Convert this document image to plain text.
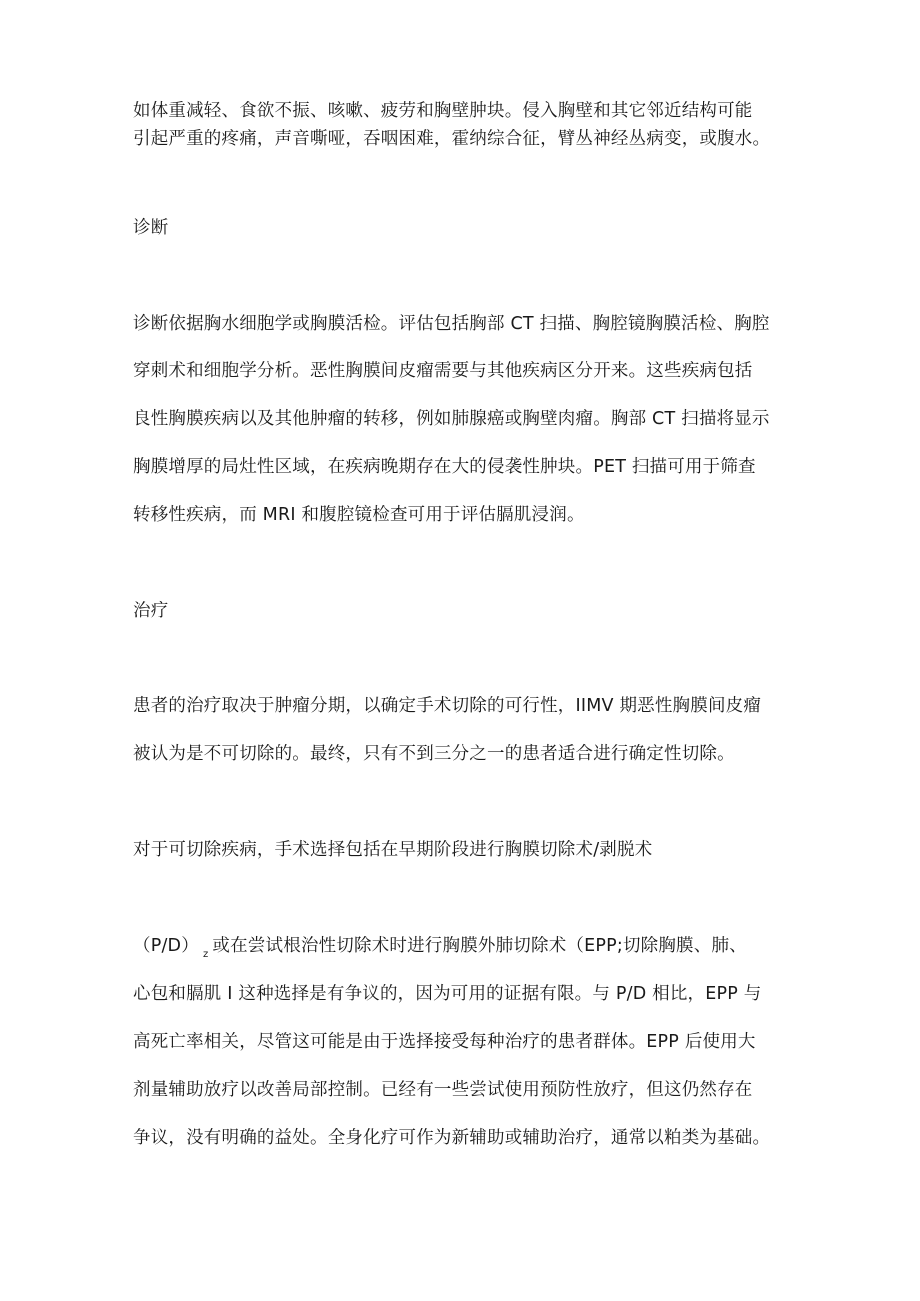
如体重减轻、食欲不振、咳嗽、疲劳和胸壁肿块。侵入胸壁和其它邻近结构可能
引起严重的疼痛，声音嘶哑，吞咽困难，霍纳综合征，臂丛神经丛病变，或腹水。
诊断
诊断依据胸水细胞学或胸膜活检。评估包括胸部 CT 扫描、胸腔镜胸膜活检、胸腔
穿刺术和细胞学分析。恶性胸膜间皮瘤需要与其他疾病区分开来。这些疾病包括
良性胸膜疾病以及其他肿瘤的转移，例如肺腺癌或胸壁肉瘤。胸部 CT 扫描将显示
胸膜增厚的局灶性区域，在疾病晚期存在大的侵袭性肿块。PET 扫描可用于筛查
转移性疾病，而 MRI 和腹腔镜检查可用于评估膈肌浸润。
治疗
患者的治疗取决于肿瘤分期，以确定手术切除的可行性，IIMV 期恶性胸膜间皮瘤
被认为是不可切除的。最终，只有不到三分之一的患者适合进行确定性切除。
对于可切除疾病，手术选择包括在早期阶段进行胸膜切除术/剥脱术
（P/D） $_z$ 或在尝试根治性切除术时进行胸膜外肺切除术（EPP;切除胸膜、肺、
心包和膈肌 I 这种选择是有争议的，因为可用的证据有限。与 P/D 相比，EPP 与
高死亡率相关，尽管这可能是由于选择接受每种治疗的患者群体。EPP 后使用大
剂量辅助放疗以改善局部控制。已经有一些尝试使用预防性放疗，但这仍然存在
争议，没有明确的益处。全身化疗可作为新辅助或辅助治疗，通常以粕类为基础。
